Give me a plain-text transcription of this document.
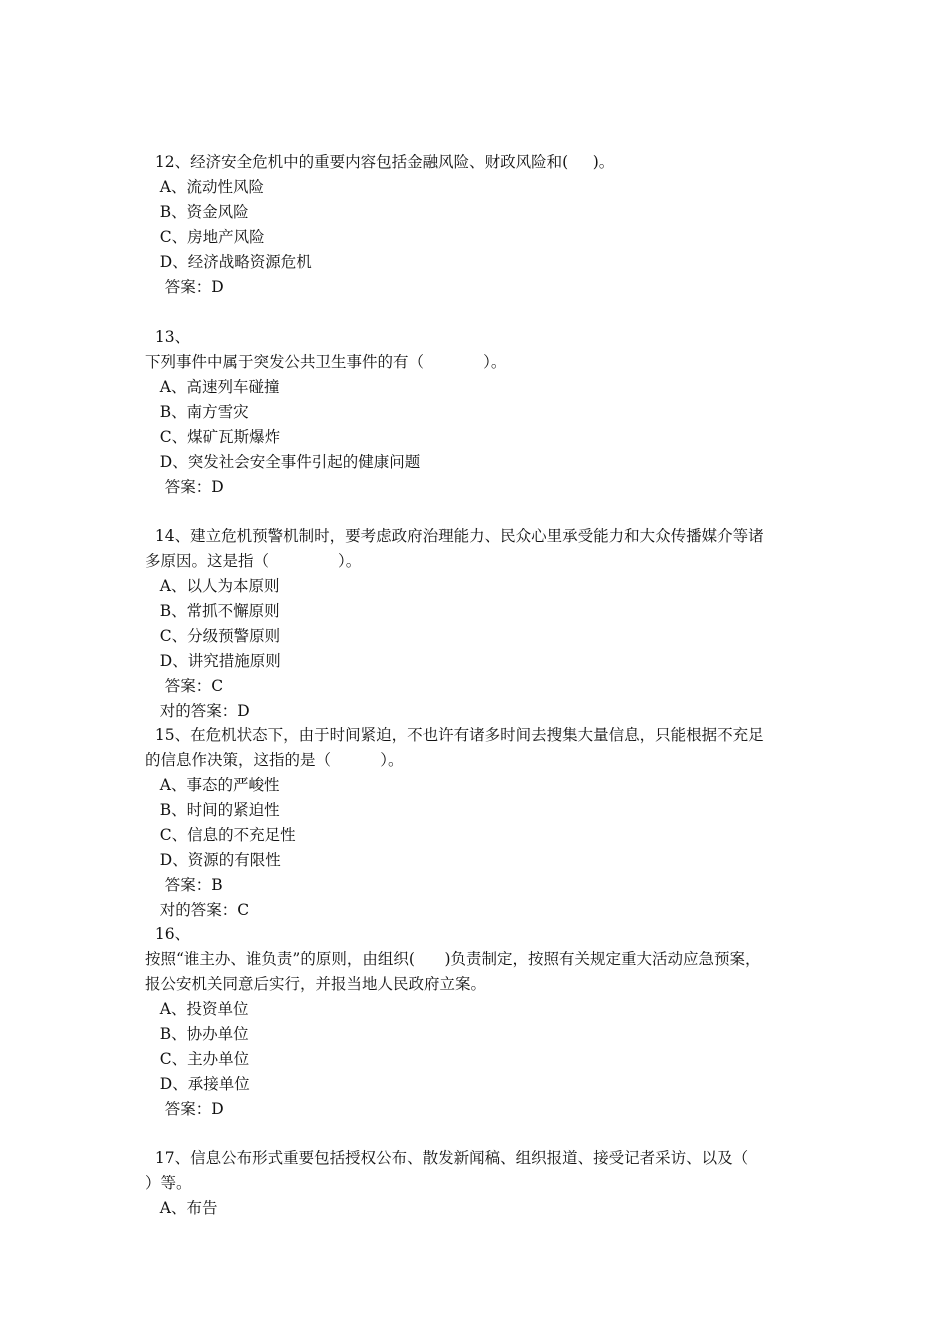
12、经济安全危机中的重要内容包括金融风险、财政风险和(     )。
A、流动性风险
B、资金风险
C、房地产风险
D、经济战略资源危机
答案：D
13、
下列事件中属于突发公共卫生事件的有（            ）。
A、高速列车碰撞
B、南方雪灾
C、煤矿瓦斯爆炸
D、突发社会安全事件引起的健康问题
答案：D
14、建立危机预警机制时，要考虑政府治理能力、民众心里承受能力和大众传播媒介等诸
多原因。这是指（              ）。
A、以人为本原则
B、常抓不懈原则
C、分级预警原则
D、讲究措施原则
答案：C
对的答案：D
15、在危机状态下，由于时间紧迫，不也许有诸多时间去搜集大量信息，只能根据不充足
的信息作决策，这指的是（          ）。
A、事态的严峻性
B、时间的紧迫性
C、信息的不充足性
D、资源的有限性
答案：B
对的答案：C
16、
按照“谁主办、谁负责”的原则，由组织(      )负责制定，按照有关规定重大活动应急预案，
报公安机关同意后实行，并报当地人民政府立案。
A、投资单位
B、协办单位
C、主办单位
D、承接单位
答案：D
17、信息公布形式重要包括授权公布、散发新闻稿、组织报道、接受记者采访、以及（
）等。
A、布告
